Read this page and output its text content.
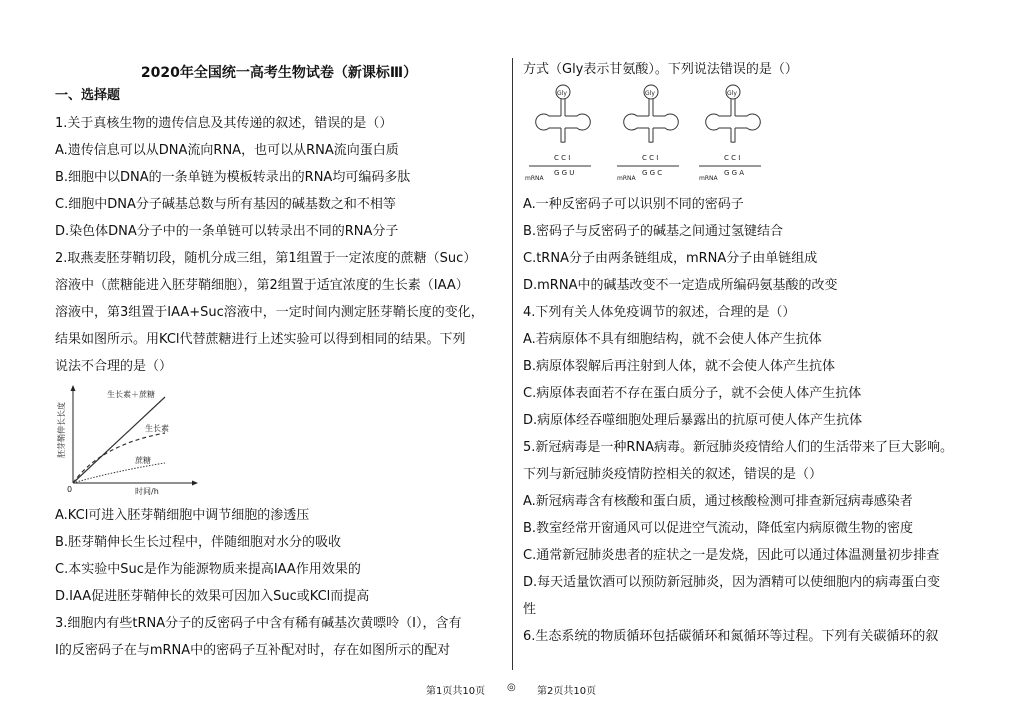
2020年全国统一高考生物试卷（新课标Ⅲ）
一、选择题
1.关于真核生物的遗传信息及其传递的叙述，错误的是（）
A.遗传信息可以从DNA流向RNA，也可以从RNA流向蛋白质
B.细胞中以DNA的一条单链为模板转录出的RNA均可编码多肽
C.细胞中DNA分子碱基总数与所有基因的碱基数之和不相等
D.染色体DNA分子中的一条单链可以转录出不同的RNA分子
2.取燕麦胚芽鞘切段，随机分成三组，第1组置于一定浓度的蔗糖（Suc）
溶液中（蔗糖能进入胚芽鞘细胞），第2组置于适宜浓度的生长素（IAA）
溶液中，第3组置于IAA+Suc溶液中，一定时间内测定胚芽鞘长度的变化，
结果如图所示。用KCl代替蔗糖进行上述实验可以得到相同的结果。下列
说法不合理的是（）
0	时间/h
胚芽鞘伸长长度
生长素＋蔗糖
生长素
蔗糖
A.KCl可进入胚芽鞘细胞中调节细胞的渗透压
B.胚芽鞘伸长生长过程中，伴随细胞对水分的吸收
C.本实验中Suc是作为能源物质来提高IAA作用效果的
D.IAA促进胚芽鞘伸长的效果可因加入Suc或KCl而提高
3.细胞内有些tRNA分子的反密码子中含有稀有碱基次黄嘌呤（Ⅰ），含有
Ⅰ的反密码子在与mRNA中的密码子互补配对时，存在如图所示的配对
方式（Gly表示甘氨酸）。下列说法错误的是（）
Gly
C C I
G G U
Gly
C C I
G G C
Gly
C C I
G G A
mRNA	mRNA	mRNA
A.一种反密码子可以识别不同的密码子
B.密码子与反密码子的碱基之间通过氢键结合
C.tRNA分子由两条链组成，mRNA分子由单链组成
D.mRNA中的碱基改变不一定造成所编码氨基酸的改变
4.下列有关人体免疫调节的叙述，合理的是（）
A.若病原体不具有细胞结构，就不会使人体产生抗体
B.病原体裂解后再注射到人体，就不会使人体产生抗体
C.病原体表面若不存在蛋白质分子，就不会使人体产生抗体
D.病原体经吞噬细胞处理后暴露出的抗原可使人体产生抗体
5.新冠病毒是一种RNA病毒。新冠肺炎疫情给人们的生活带来了巨大影响。
下列与新冠肺炎疫情防控相关的叙述，错误的是（）
A.新冠病毒含有核酸和蛋白质，通过核酸检测可排查新冠病毒感染者
B.教室经常开窗通风可以促进空气流动，降低室内病原微生物的密度
C.通常新冠肺炎患者的症状之一是发烧，因此可以通过体温测量初步排查
D.每天适量饮酒可以预防新冠肺炎，因为酒精可以使细胞内的病毒蛋白变
性
6.生态系统的物质循环包括碳循环和氮循环等过程。下列有关碳循环的叙
第1页共10页 ◎ 第2页共10页
